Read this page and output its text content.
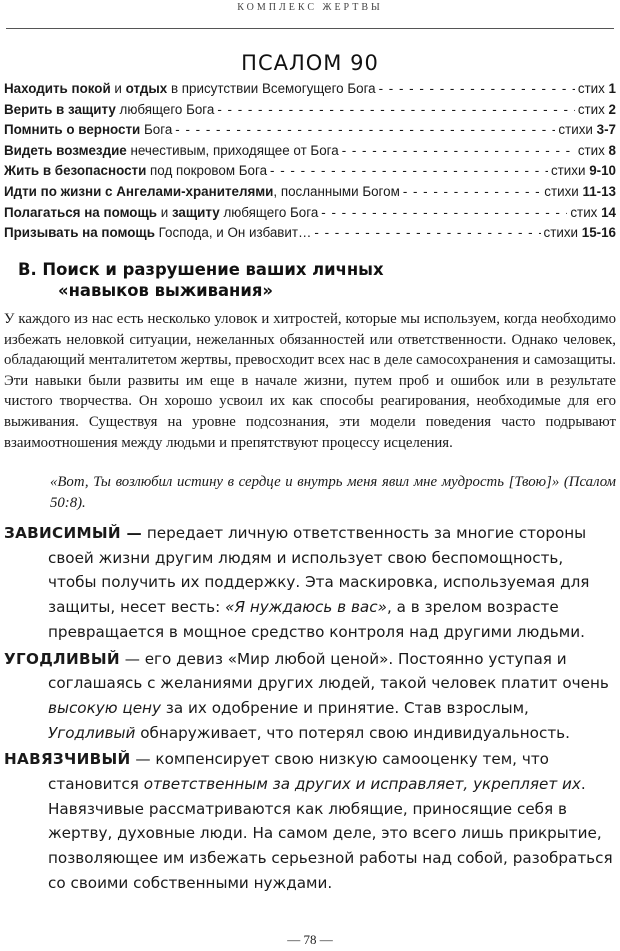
КОМПЛЕКС ЖЕРТВЫ
ПСАЛОМ 90
Находить покой и отдых в присутствии Всемогущего Бога - - -	стих 1
Верить в защиту любящего Бога - - -	стих 2
Помнить о верности Бога - - -	стихи 3-7
Видеть возмездие нечестивым, приходящее от Бога - - -	стих 8
Жить в безопасности под покровом Бога - - -	стихи 9-10
Идти по жизни с Ангелами-хранителями, посланными Богом - - -	стихи 11-13
Полагаться на помощь и защиту любящего Бога - - -	стих 14
Призывать на помощь Господа, и Он избавит… - - -	стихи 15-16
B. Поиск и разрушение ваших личных
«навыков выживания»

У каждого из нас есть несколько уловок и хитростей, которые мы используем, когда необходимо избежать неловкой ситуации, нежеланных обязанностей или ответственности. Однако человек, обладающий менталитетом жертвы, превосходит всех нас в деле самосохранения и самозащиты. Эти навыки были развиты им еще в начале жизни, путем проб и ошибок или в результате чистого творчества. Он хорошо усвоил их как способы реагирования, необходимые для его выживания. Существуя на уровне подсознания, эти модели поведения часто подрывают взаимоотношения между людьми и препятствуют процессу исцеления.

«Вот, Ты возлюбил истину в сердце и внутрь меня явил мне мудрость [Твою]» (Псалом 50:8).

ЗАВИСИМЫЙ — передает личную ответственность за многие стороны своей жизни другим людям и использует свою беспомощность, чтобы получить их поддержку. Эта маскировка, используемая для защиты, несет весть: «Я нуждаюсь в вас», а в зрелом возрасте превращается в мощное средство контроля над другими людьми.

УГОДЛИВЫЙ — его девиз «Мир любой ценой». Постоянно уступая и соглашаясь с желаниями других людей, такой человек платит очень высокую цену за их одобрение и принятие. Став взрослым, Угодливый обнаруживает, что потерял свою индивидуальность.

НАВЯЗЧИВЫЙ — компенсирует свою низкую самооценку тем, что становится ответственным за других и исправляет, укрепляет их. Навязчивые рассматриваются как любящие, приносящие себя в жертву, духовные люди. На самом деле, это всего лишь прикрытие, позволяющее им избежать серьезной работы над собой, разобраться со своими собственными нуждами.

— 78 —
